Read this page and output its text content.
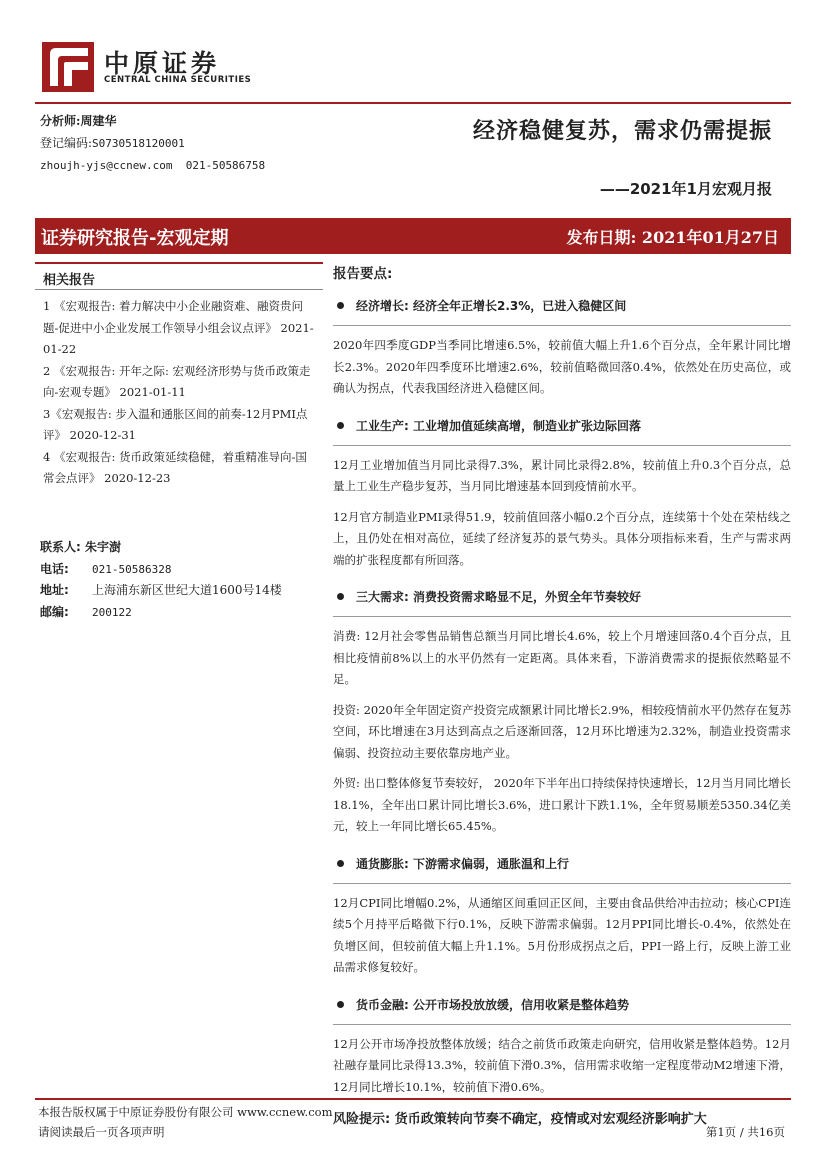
中原证券
CENTRAL CHINA SECURITIES
分析师:周建华
登记编码:S0730518120001
zhoujh-yjs@ccnew.com 021-50586758
经济稳健复苏，需求仍需提振
——2021年1月宏观月报
证券研究报告-宏观定期	发布日期: 2021年01月27日
相关报告
1 《宏观报告: 着力解决中小企业融资难、融资贵问题-促进中小企业发展工作领导小组会议点评》 2021-01-22
2 《宏观报告: 开年之际: 宏观经济形势与货币政策走向-宏观专题》 2021-01-11
3《宏观报告: 步入温和通胀区间的前奏-12月PMI点评》 2020-12-31
4 《宏观报告: 货币政策延续稳健，着重精准导向-国常会点评》 2020-12-23
联系人: 朱宇澍
电话:	021-50586328
地址:	上海浦东新区世纪大道1600号14楼
邮编:	200122
报告要点:
经济增长: 经济全年正增长2.3%，已进入稳健区间
2020年四季度GDP当季同比增速6.5%，较前值大幅上升1.6个百分点，全年累计同比增长2.3%。2020年四季度环比增速2.6%，较前值略微回落0.4%，依然处在历史高位，或确认为拐点，代表我国经济进入稳健区间。
工业生产: 工业增加值延续高增，制造业扩张边际回落
12月工业增加值当月同比录得7.3%，累计同比录得2.8%，较前值上升0.3个百分点，总量上工业生产稳步复苏，当月同比增速基本回到疫情前水平。
12月官方制造业PMI录得51.9，较前值回落小幅0.2个百分点，连续第十个处在荣枯线之上，且仍处在相对高位，延续了经济复苏的景气势头。具体分项指标来看，生产与需求两端的扩张程度都有所回落。
三大需求: 消费投资需求略显不足，外贸全年节奏较好
消费: 12月社会零售品销售总额当月同比增长4.6%，较上个月增速回落0.4个百分点，且相比疫情前8%以上的水平仍然有一定距离。具体来看，下游消费需求的提振依然略显不足。
投资: 2020年全年固定资产投资完成额累计同比增长2.9%，相较疫情前水平仍然存在复苏空间，环比增速在3月达到高点之后逐渐回落，12月环比增速为2.32%，制造业投资需求偏弱、投资拉动主要依靠房地产业。
外贸: 出口整体修复节奏较好， 2020年下半年出口持续保持快速增长，12月当月同比增长18.1%，全年出口累计同比增长3.6%，进口累计下跌1.1%，全年贸易顺差5350.34亿美元，较上一年同比增长65.45%。
通货膨胀: 下游需求偏弱，通胀温和上行
12月CPI同比增幅0.2%，从通缩区间重回正区间，主要由食品供给冲击拉动；核心CPI连续5个月持平后略微下行0.1%，反映下游需求偏弱。12月PPI同比增长-0.4%，依然处在负增区间，但较前值大幅上升1.1%。5月份形成拐点之后，PPI一路上行，反映上游工业品需求修复较好。
货币金融: 公开市场投放放缓，信用收紧是整体趋势
12月公开市场净投放整体放缓；结合之前货币政策走向研究，信用收紧是整体趋势。12月社融存量同比录得13.3%，较前值下滑0.3%，信用需求收缩一定程度带动M2增速下滑，12月同比增长10.1%，较前值下滑0.6%。
风险提示: 货币政策转向节奏不确定，疫情或对宏观经济影响扩大
本报告版权属于中原证券股份有限公司 www.ccnew.com
请阅读最后一页各项声明	第1页 / 共16页
